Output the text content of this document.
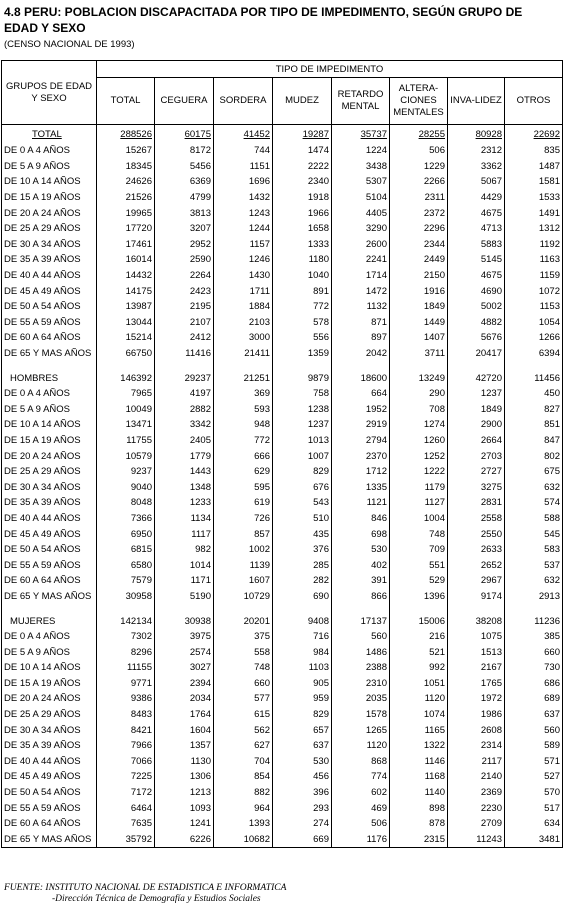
4.8 PERU: POBLACION DISCAPACITADA POR TIPO DE IMPEDIMENTO, SEGÚN GRUPO DE EDAD Y SEXO
(CENSO NACIONAL DE 1993)
GRUPOS DE EDAD Y SEXO	TIPO DE IMPEDIMENTO							
	TOTAL	CEGUERA	SORDERA	MUDEZ	RETARDO MENTAL	ALTERA-CIONES MENTALES	INVA-LIDEZ	OTROS
TOTAL	288526	60175	41452	19287	35737	28255	80928	22692
DE 0 A 4 AÑOS	15267	8172	744	1474	1224	506	2312	835
DE 5 A 9 AÑOS	18345	5456	1151	2222	3438	1229	3362	1487
DE 10 A 14 AÑOS	24626	6369	1696	2340	5307	2266	5067	1581
DE 15 A 19 AÑOS	21526	4799	1432	1918	5104	2311	4429	1533
DE 20 A 24 AÑOS	19965	3813	1243	1966	4405	2372	4675	1491
DE 25 A 29 AÑOS	17720	3207	1244	1658	3290	2296	4713	1312
DE 30 A 34 AÑOS	17461	2952	1157	1333	2600	2344	5883	1192
DE 35 A 39 AÑOS	16014	2590	1246	1180	2241	2449	5145	1163
DE 40 A 44 AÑOS	14432	2264	1430	1040	1714	2150	4675	1159
DE 45 A 49 AÑOS	14175	2423	1711	891	1472	1916	4690	1072
DE 50 A 54 AÑOS	13987	2195	1884	772	1132	1849	5002	1153
DE 55 A 59 AÑOS	13044	2107	2103	578	871	1449	4882	1054
DE 60 A 64 AÑOS	15214	2412	3000	556	897	1407	5676	1266
DE 65 Y MAS AÑOS	66750	11416	21411	1359	2042	3711	20417	6394

HOMBRES	146392	29237	21251	9879	18600	13249	42720	11456
DE 0 A 4 AÑOS	7965	4197	369	758	664	290	1237	450
DE 5 A 9 AÑOS	10049	2882	593	1238	1952	708	1849	827
DE 10 A 14 AÑOS	13471	3342	948	1237	2919	1274	2900	851
DE 15 A 19 AÑOS	11755	2405	772	1013	2794	1260	2664	847
DE 20 A 24 AÑOS	10579	1779	666	1007	2370	1252	2703	802
DE 25 A 29 AÑOS	9237	1443	629	829	1712	1222	2727	675
DE 30 A 34 AÑOS	9040	1348	595	676	1335	1179	3275	632
DE 35 A 39 AÑOS	8048	1233	619	543	1121	1127	2831	574
DE 40 A 44 AÑOS	7366	1134	726	510	846	1004	2558	588
DE 45 A 49 AÑOS	6950	1117	857	435	698	748	2550	545
DE 50 A 54 AÑOS	6815	982	1002	376	530	709	2633	583
DE 55 A 59 AÑOS	6580	1014	1139	285	402	551	2652	537
DE 60 A 64 AÑOS	7579	1171	1607	282	391	529	2967	632
DE 65 Y MAS AÑOS	30958	5190	10729	690	866	1396	9174	2913

MUJERES	142134	30938	20201	9408	17137	15006	38208	11236
DE 0 A 4 AÑOS	7302	3975	375	716	560	216	1075	385
DE 5 A 9 AÑOS	8296	2574	558	984	1486	521	1513	660
DE 10 A 14 AÑOS	11155	3027	748	1103	2388	992	2167	730
DE 15 A 19 AÑOS	9771	2394	660	905	2310	1051	1765	686
DE 20 A 24 AÑOS	9386	2034	577	959	2035	1120	1972	689
DE 25 A 29 AÑOS	8483	1764	615	829	1578	1074	1986	637
DE 30 A 34 AÑOS	8421	1604	562	657	1265	1165	2608	560
DE 35 A 39 AÑOS	7966	1357	627	637	1120	1322	2314	589
DE 40 A 44 AÑOS	7066	1130	704	530	868	1146	2117	571
DE 45 A 49 AÑOS	7225	1306	854	456	774	1168	2140	527
DE 50 A 54 AÑOS	7172	1213	882	396	602	1140	2369	570
DE 55 A 59 AÑOS	6464	1093	964	293	469	898	2230	517
DE 60 A 64 AÑOS	7635	1241	1393	274	506	878	2709	634
DE 65 Y MAS AÑOS	35792	6226	10682	669	1176	2315	11243	3481
FUENTE: INSTITUTO NACIONAL DE ESTADISTICA E INFORMATICA
-Dirección Técnica de Demografía y Estudios Sociales
